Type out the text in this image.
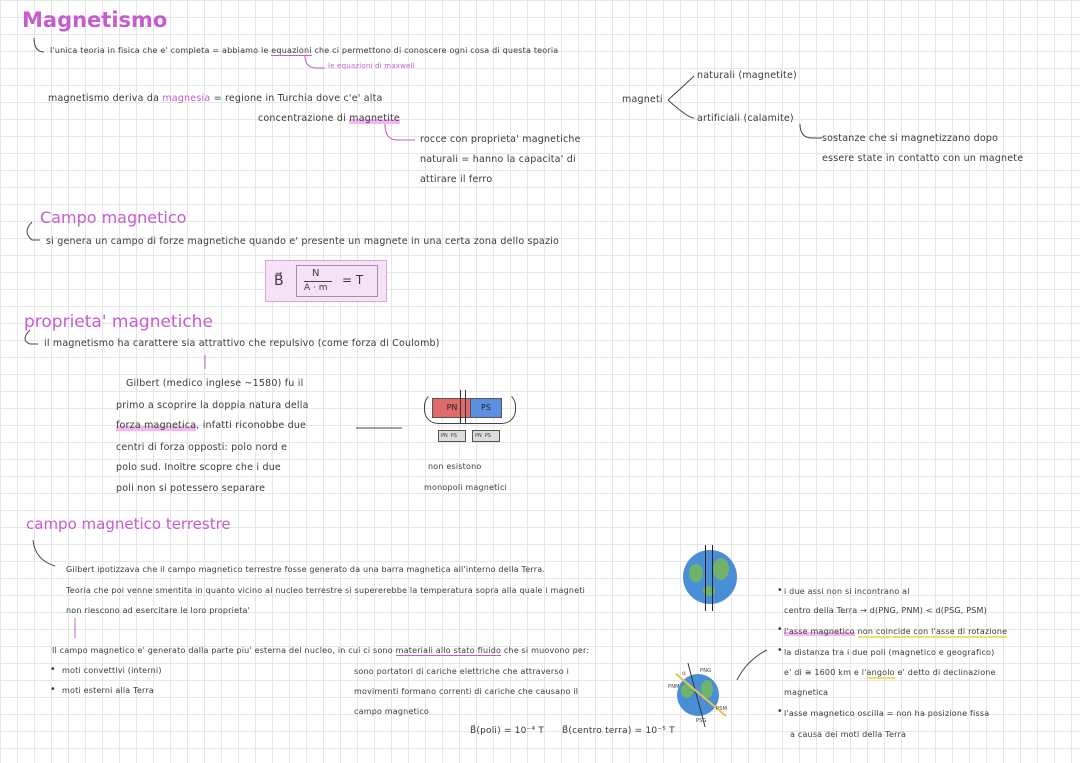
Magnetismo
l'unica teoria in fisica che e' completa = abbiamo le equazioni che ci permettono di conoscere ogni cosa di questa teoria
le equazioni di maxwell
magnetismo deriva da magnesia = regione in Turchia dove c'e' alta
concentrazione di magnetite
rocce con proprieta' magnetiche
naturali = hanno la capacita' di
attirare il ferro
magneti
naturali (magnetite)
artificiali (calamite)
sostanze che si magnetizzano dopo
essere state in contatto con un magnete
Campo magnetico
si genera un campo di forze magnetiche quando e' presente un magnete in una certa zona dello spazio
B⃗	N
A · m
= T
proprieta' magnetiche
il magnetismo ha carattere sia attrattivo che repulsivo (come forza di Coulomb)
Gilbert (medico inglese ~1580) fu il
primo a scoprire la doppia natura della
forza magnetica, infatti riconobbe due
centri di forza opposti: polo nord e
polo sud. Inoltre scopre che i due
poli non si potessero separare
PN	PS
PN PS	PN PS
non esistono
monopoli magnetici
campo magnetico terrestre
Gilbert ipotizzava che il campo magnetico terrestre fosse generato da una barra magnetica all'interno della Terra.
Teoria che poi venne smentita in quanto vicino al nucleo terrestre si supererebbe la temperatura sopra alla quale i magneti
non riescono ad esercitare le loro proprieta'
Il campo magnetico e' generato dalla parte piu' esterna del nucleo, in cui ci sono materiali allo stato fluido che si muovono per:
• moti convettivi (interni)
• moti esterni alla Terra
sono portatori di cariche elettriche che attraverso i
movimenti formano correnti di cariche che causano il
campo magnetico
B⃗(poli) = 10⁻⁴ T B⃗(centro terra) = 10⁻⁵ T
PNG
PNM
PSM
PSG
α
• i due assi non si incontrano al
centro della Terra → d(PNG, PNM) < d(PSG, PSM)
• l'asse magnetico non coincide con l'asse di rotazione
• la distanza tra i due poli (magnetico e geografico)
e' di ≅ 1600 km e l'angolo e' detto di declinazione
magnetica
• l'asse magnetico oscilla = non ha posizione fissa
a causa dei moti della Terra
